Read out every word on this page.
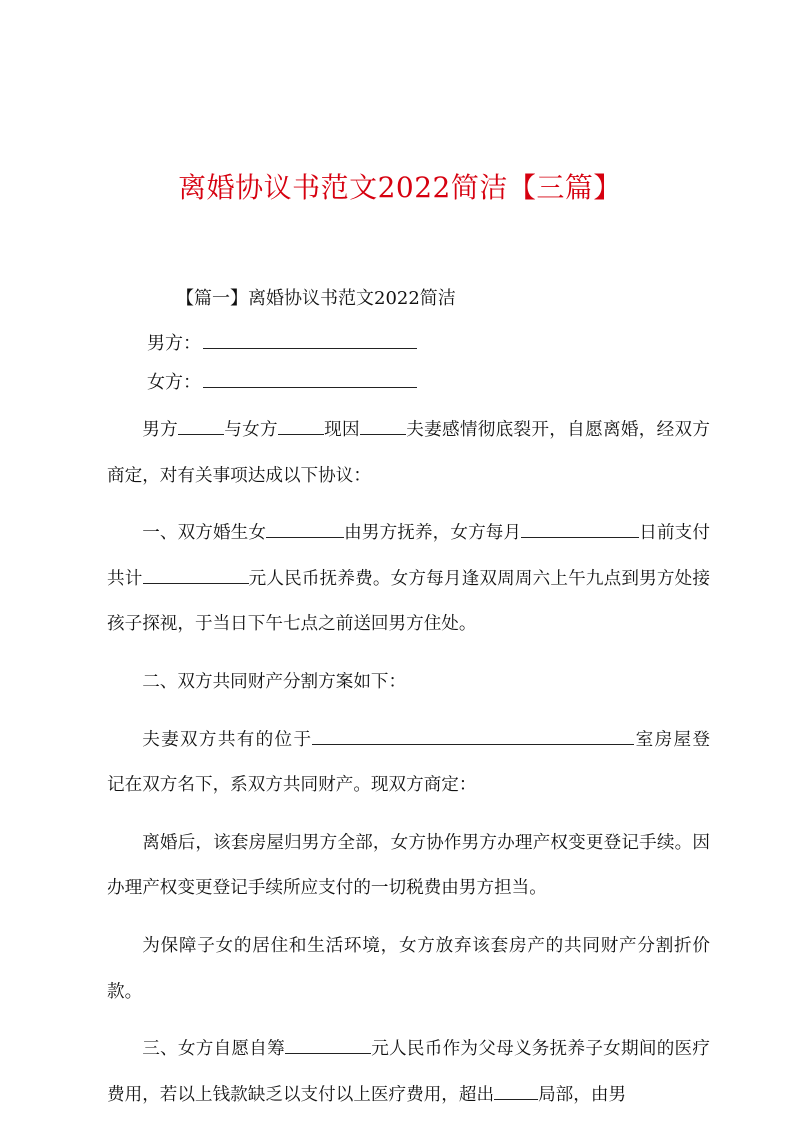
离婚协议书范文2022简洁【三篇】
【篇一】离婚协议书范文2022简洁
男方：
女方：

男方	与女方	现因	夫妻感情彻底裂开，自愿离婚，经双方商定，对有关事项达成以下协议：

一、双方婚生女	由男方抚养，女方每月	日前支付共计	元人民币抚养费。女方每月逢双周周六上午九点到男方处接孩子探视，于当日下午七点之前送回男方住处。

二、双方共同财产分割方案如下：

夫妻双方共有的位于	室房屋登记在双方名下，系双方共同财产。现双方商定：

离婚后，该套房屋归男方全部，女方协作男方办理产权变更登记手续。因办理产权变更登记手续所应支付的一切税费由男方担当。

为保障子女的居住和生活环境，女方放弃该套房产的共同财产分割折价款。

三、女方自愿自筹	元人民币作为父母义务抚养子女期间的医疗费用，若以上钱款缺乏以支付以上医疗费用，超出	局部，由男
